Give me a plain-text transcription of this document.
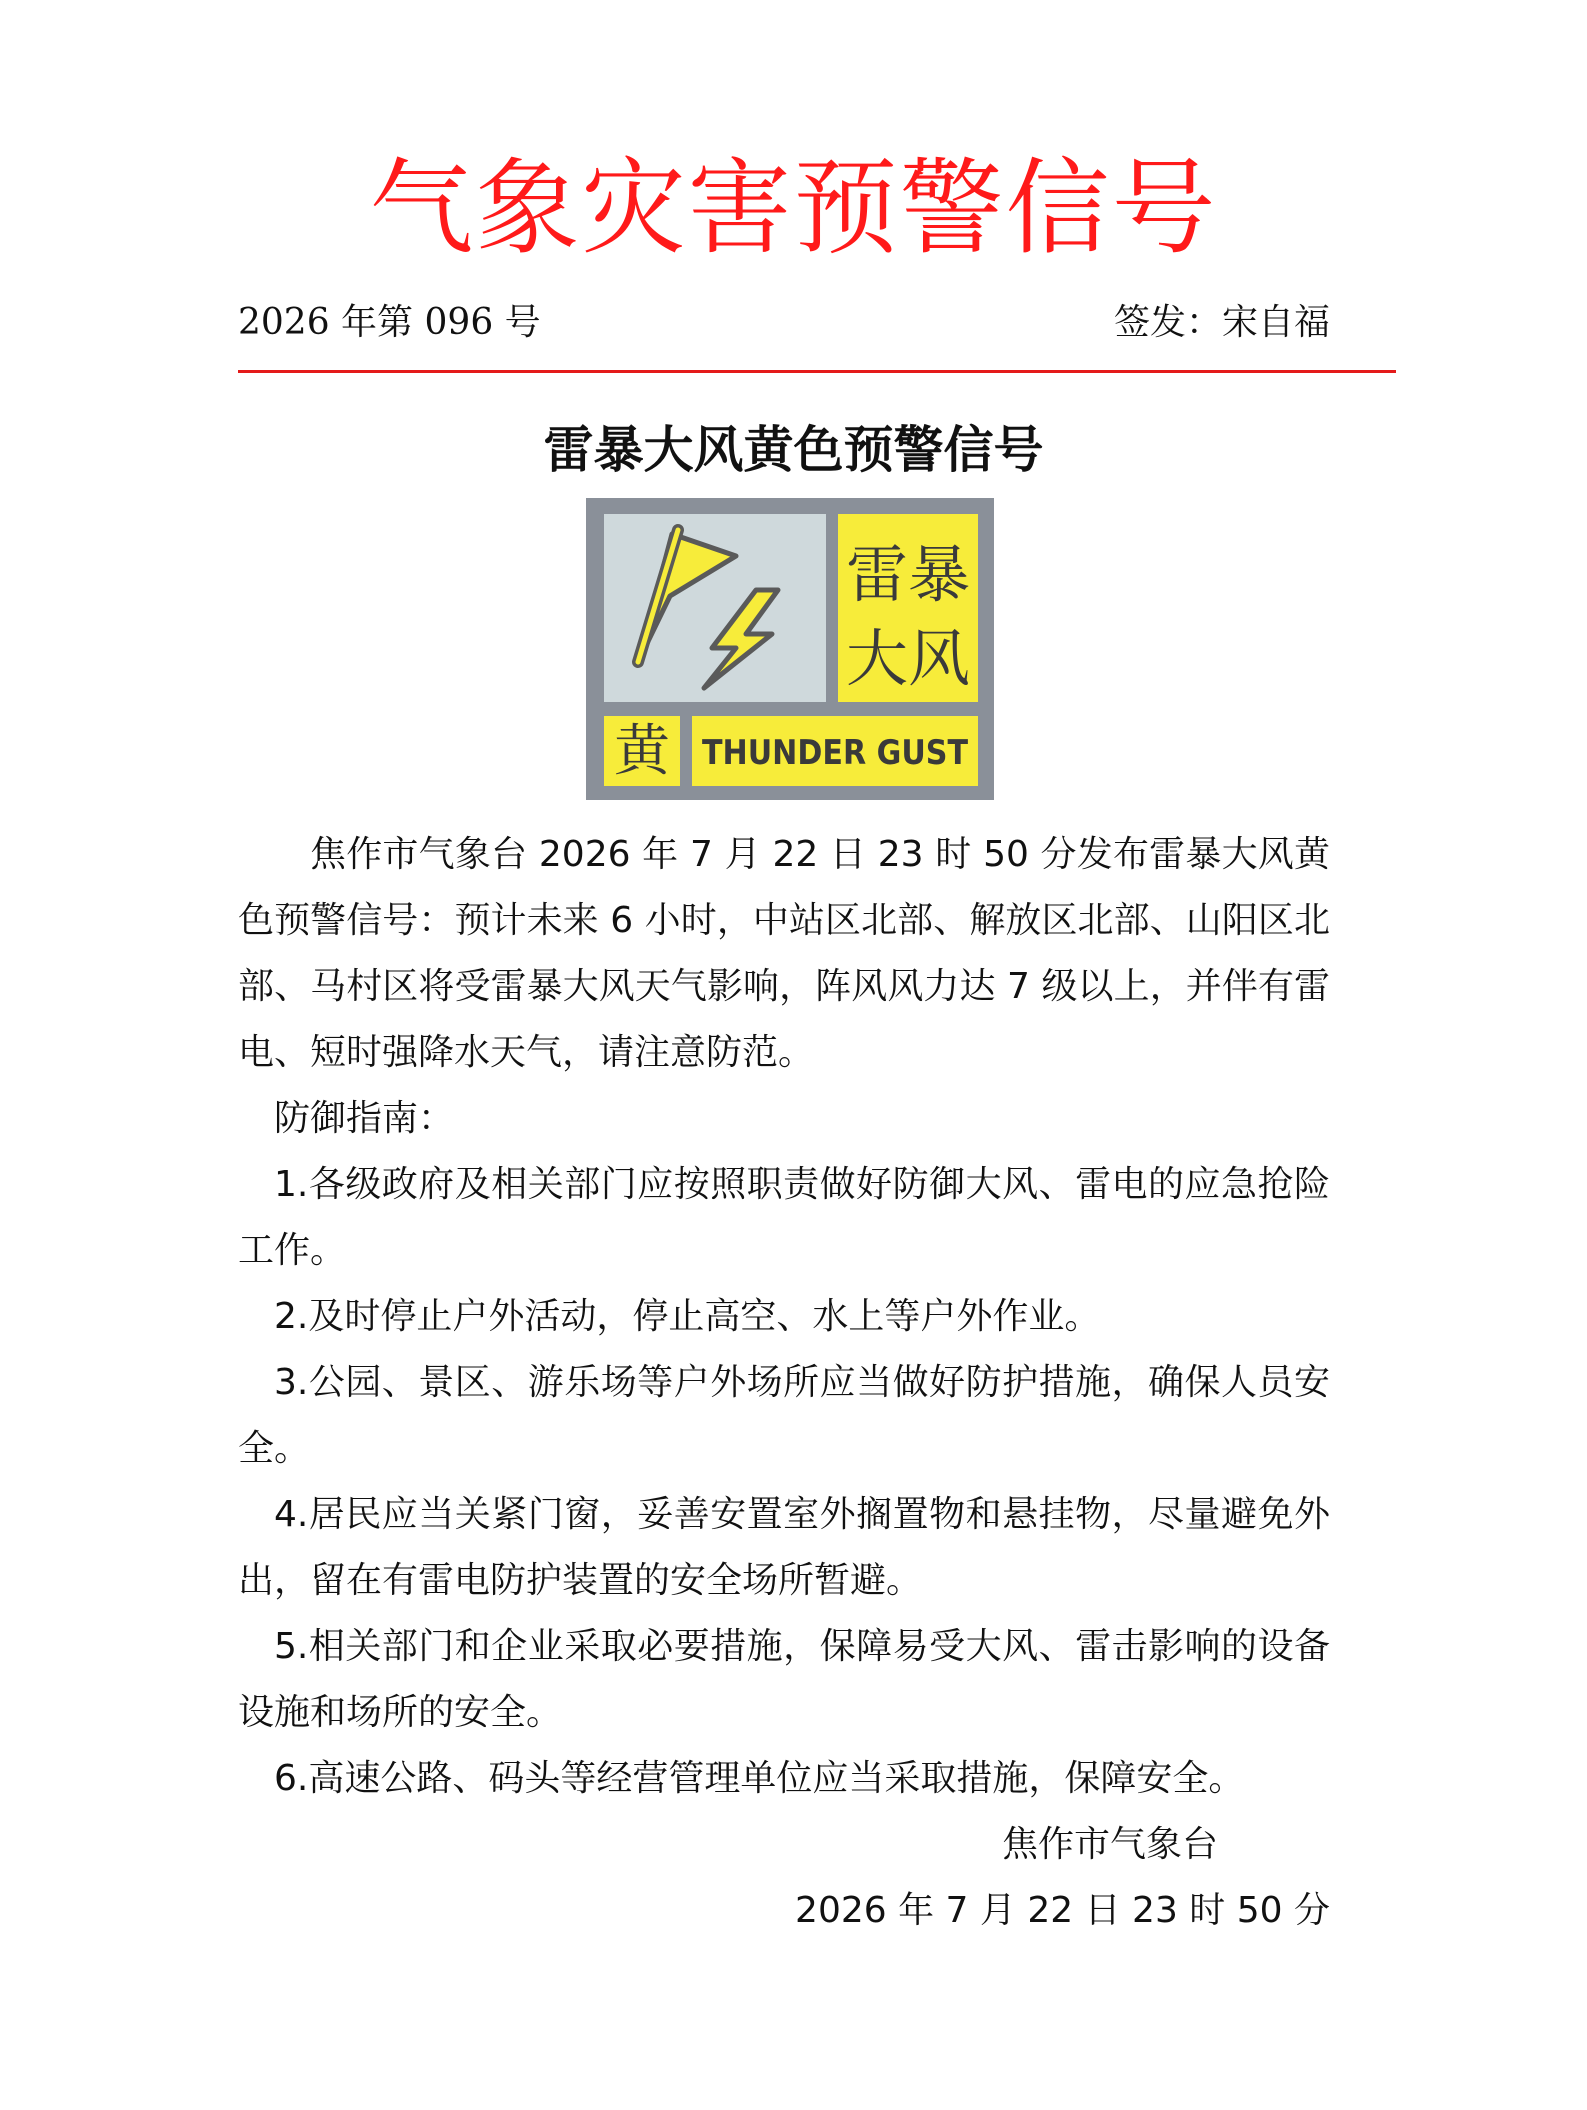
气象灾害预警信号
2026 年第 096 号	签发：宋自福
雷暴大风黄色预警信号
雷暴
大风
黄 THUNDER GUST

焦作市气象台 2026 年 7 月 22 日 23 时 50 分发布雷暴大风黄色预警信号：预计未来 6 小时，中站区北部、解放区北部、山阳区北部、马村区将受雷暴大风天气影响，阵风风力达 7 级以上，并伴有雷电、短时强降水天气，请注意防范。

防御指南：

1.各级政府及相关部门应按照职责做好防御大风、雷电的应急抢险工作。

2.及时停止户外活动，停止高空、水上等户外作业。

3.公园、景区、游乐场等户外场所应当做好防护措施，确保人员安全。

4.居民应当关紧门窗，妥善安置室外搁置物和悬挂物，尽量避免外出，留在有雷电防护装置的安全场所暂避。

5.相关部门和企业采取必要措施，保障易受大风、雷击影响的设备设施和场所的安全。

6.高速公路、码头等经营管理单位应当采取措施，保障安全。

焦作市气象台
2026 年 7 月 22 日 23 时 50 分
